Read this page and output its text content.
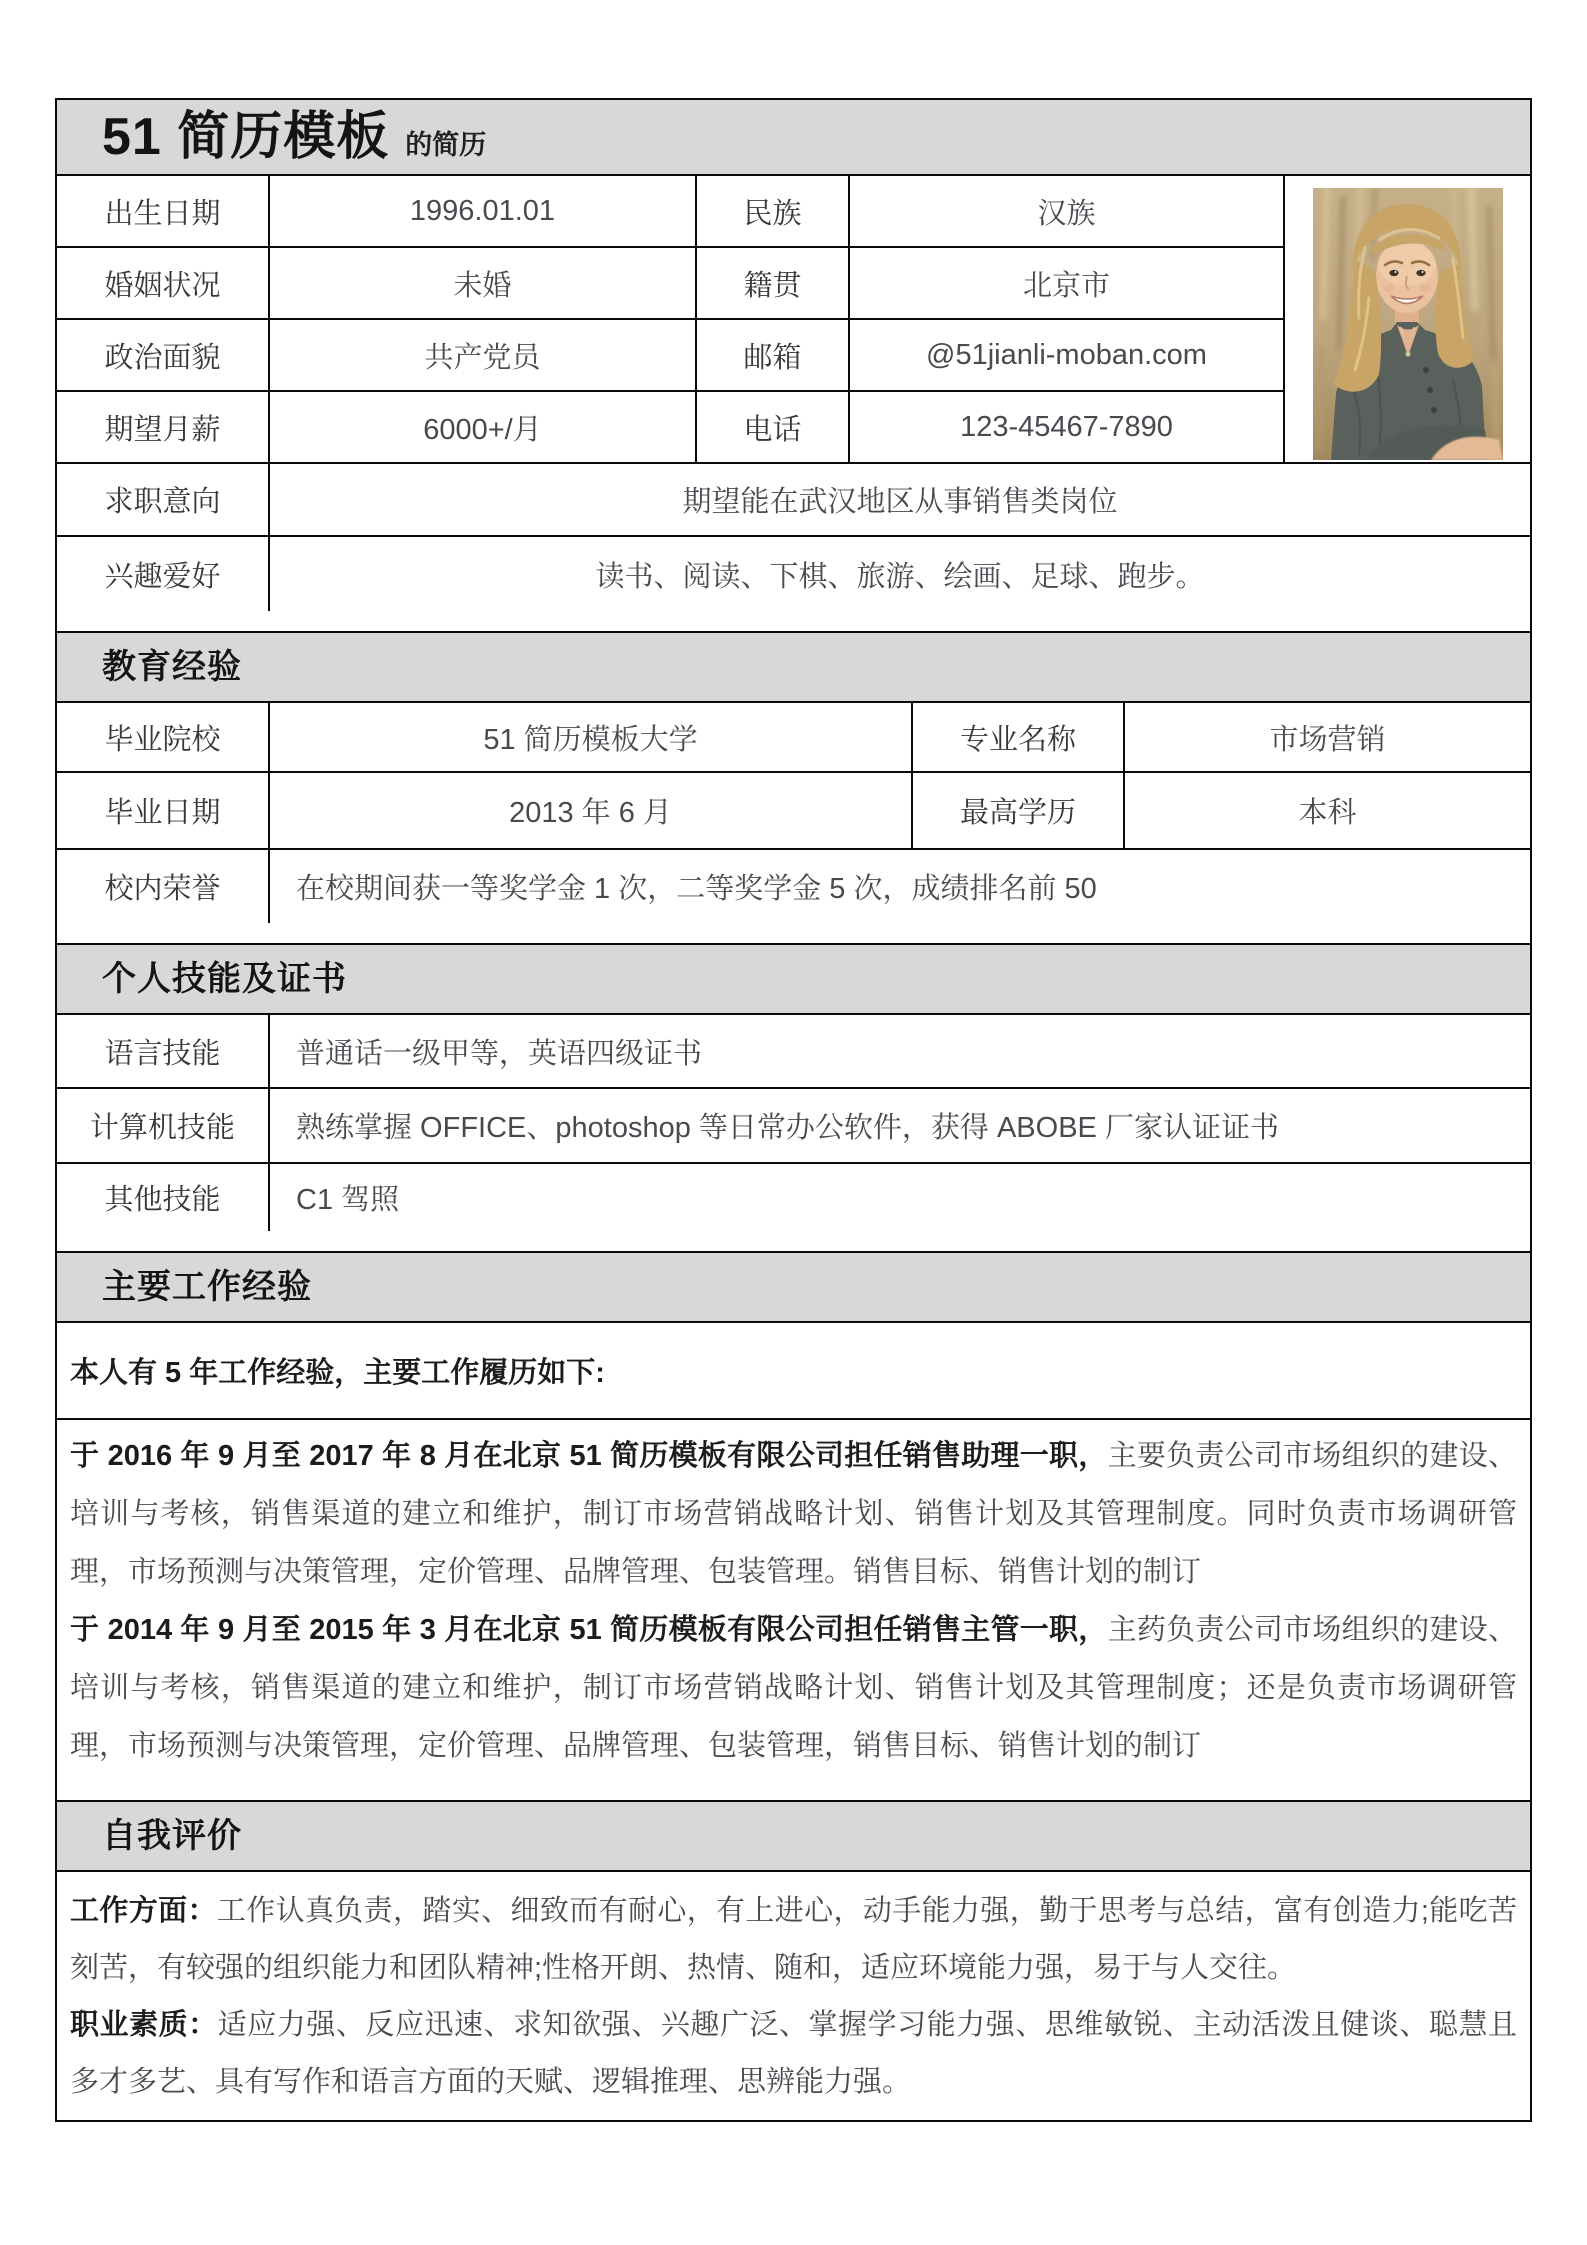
51 简历模板 的简历
出生日期	1996.01.01	民族	汉族
婚姻状况	未婚	籍贯	北京市
政治面貌	共产党员	邮箱	@51jianli-moban.com
期望月薪	6000+/月	电话	123-45467-7890
求职意向	期望能在武汉地区从事销售类岗位
兴趣爱好	读书、阅读、下棋、旅游、绘画、足球、跑步。
教育经验
毕业院校	51 简历模板大学	专业名称	市场营销
毕业日期	2013 年 6 月	最高学历	本科
校内荣誉	在校期间获一等奖学金 1 次，二等奖学金 5 次，成绩排名前 50
个人技能及证书
语言技能	普通话一级甲等，英语四级证书
计算机技能	熟练掌握 OFFICE、photoshop 等日常办公软件，获得 ABOBE 厂家认证证书
其他技能	C1 驾照
主要工作经验
本人有 5 年工作经验，主要工作履历如下:

于 2016 年 9 月至 2017 年 8 月在北京 51 简历模板有限公司担任销售助理一职，主要负责公司市场组织的建设、培训与考核，销售渠道的建立和维护，制订市场营销战略计划、销售计划及其管理制度。同时负责市场调研管理，市场预测与决策管理，定价管理、品牌管理、包装管理。销售目标、销售计划的制订

于 2014 年 9 月至 2015 年 3 月在北京 51 简历模板有限公司担任销售主管一职，主药负责公司市场组织的建设、培训与考核，销售渠道的建立和维护，制订市场营销战略计划、销售计划及其管理制度；还是负责市场调研管理，市场预测与决策管理，定价管理、品牌管理、包装管理，销售目标、销售计划的制订

自我评价

工作方面：工作认真负责，踏实、细致而有耐心，有上进心，动手能力强，勤于思考与总结，富有创造力;能吃苦刻苦，有较强的组织能力和团队精神;性格开朗、热情、随和，适应环境能力强，易于与人交往。

职业素质：适应力强、反应迅速、求知欲强、兴趣广泛、掌握学习能力强、思维敏锐、主动活泼且健谈、聪慧且多才多艺、具有写作和语言方面的天赋、逻辑推理、思辨能力强。
